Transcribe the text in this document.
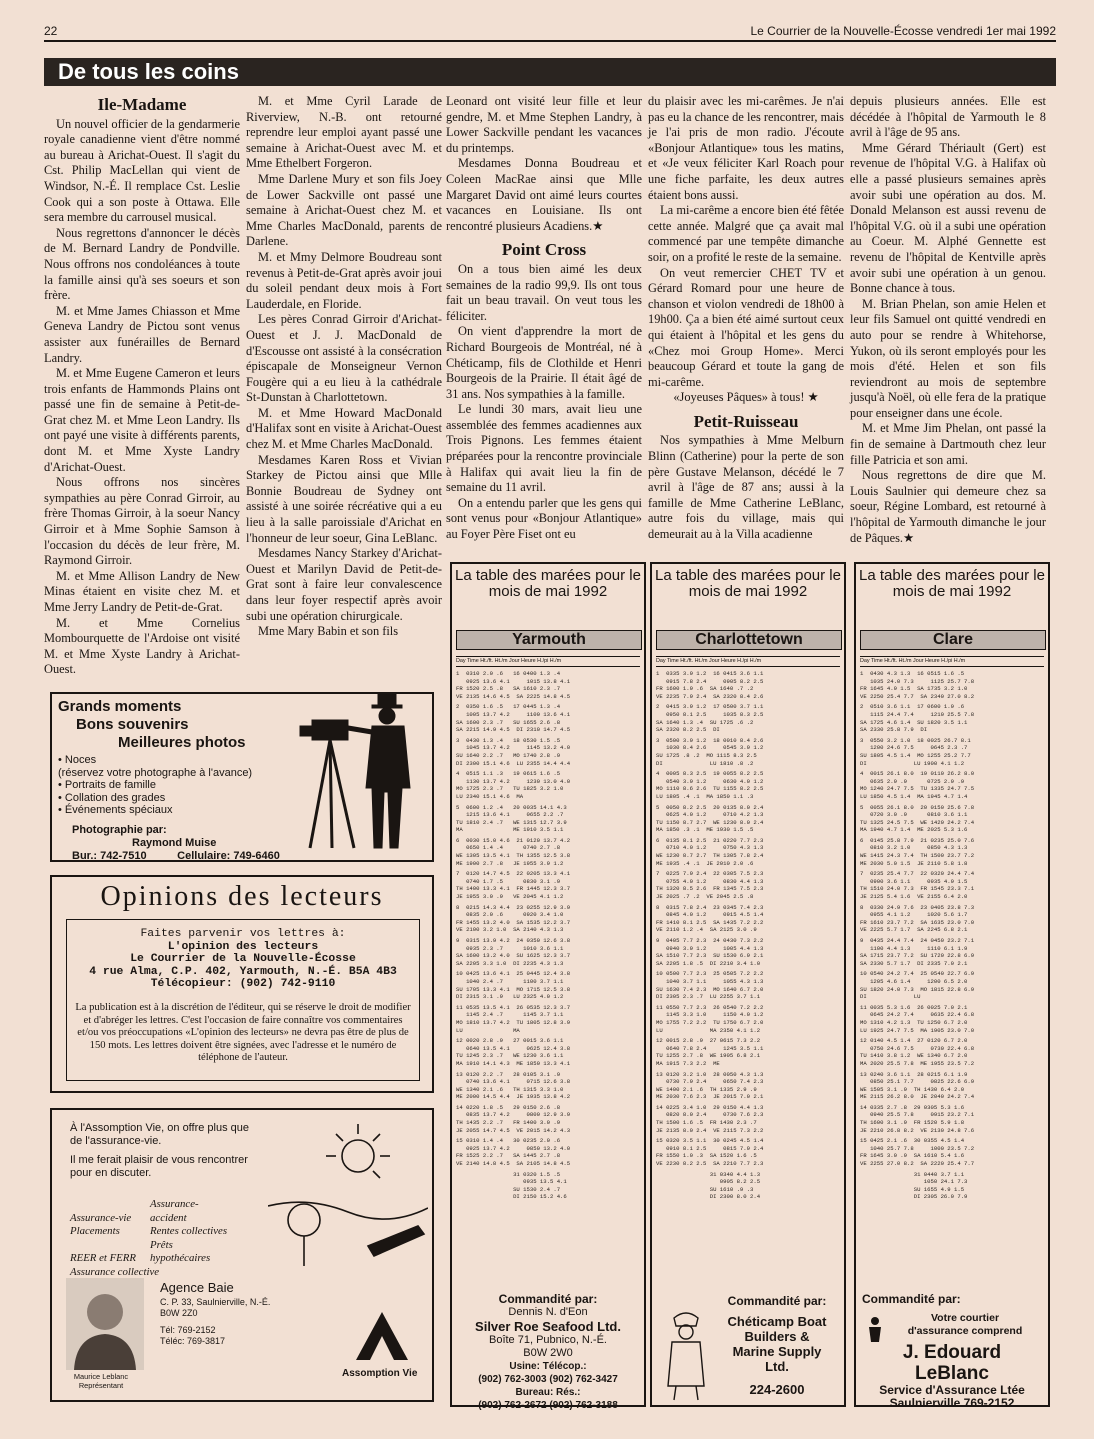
22	Le Courrier de la Nouvelle-Écosse vendredi 1er mai 1992
De tous les coins
Ile-Madame

Un nouvel officier de la gendarmerie royale canadienne vient d'être nommé au bureau à Arichat-Ouest. Il s'agit du Cst. Philip MacLellan qui vient de Windsor, N.-É. Il remplace Cst. Leslie Cook qui a son poste à Ottawa. Elle sera membre du carrousel musical.

Nous regrettons d'annoncer le décès de M. Bernard Landry de Pondville. Nous offrons nos condoléances à toute la famille ainsi qu'à ses soeurs et son frère.

M. et Mme James Chiasson et Mme Geneva Landry de Pictou sont venus assister aux funérailles de Bernard Landry.

M. et Mme Eugene Cameron et leurs trois enfants de Hammonds Plains ont passé une fin de semaine à Petit-de-Grat chez M. et Mme Leon Landry. Ils ont payé une visite à différents parents, dont M. et Mme Xyste Landry d'Arichat-Ouest.

Nous offrons nos sincères sympathies au père Conrad Girroir, au frère Thomas Girroir, à la soeur Nancy Girroir et à Mme Sophie Samson à l'occasion du décès de leur frère, M. Raymond Girroir.

M. et Mme Allison Landry de New Minas étaient en visite chez M. et Mme Jerry Landry de Petit-de-Grat.

M. et Mme Cornelius Mombourquette de l'Ardoise ont visité M. et Mme Xyste Landry à Arichat-Ouest.

M. et Mme Cyril Larade de Riverview, N.-B. ont retourné reprendre leur emploi ayant passé une semaine à Arichat-Ouest avec M. et Mme Ethelbert Forgeron.

Mme Darlene Mury et son fils Joey de Lower Sackville ont passé une semaine à Arichat-Ouest chez M. et Mme Charles MacDonald, parents de Darlene.

M. et Mmy Delmore Boudreau sont revenus à Petit-de-Grat après avoir joui du soleil pendant deux mois à Fort Lauderdale, en Floride.

Les pères Conrad Girroir d'Arichat-Ouest et J. J. MacDonald de d'Escousse ont assisté à la consécration épiscapale de Monseigneur Vernon Fougère qui a eu lieu à la cathédrale St-Dunstan à Charlottetown.

M. et Mme Howard MacDonald d'Halifax sont en visite à Arichat-Ouest chez M. et Mme Charles MacDonald.

Mesdames Karen Ross et Vivian Starkey de Pictou ainsi que Mlle Bonnie Boudreau de Sydney ont assisté à une soirée récréative qui a eu lieu à la salle paroissiale d'Arichat en l'honneur de leur soeur, Gina LeBlanc.

Mesdames Nancy Starkey d'Arichat-Ouest et Marilyn David de Petit-de-Grat sont à faire leur convalescence dans leur foyer respectif après avoir subi une opération chirurgicale.

Mme Mary Babin et son fils

Leonard ont visité leur fille et leur gendre, M. et Mme Stephen Landry, à Lower Sackville pendant les vacances du printemps.

Mesdames Donna Boudreau et Coleen MacRae ainsi que Mlle Margaret David ont aimé leurs courtes vacances en Louisiane. Ils ont rencontré plusieurs Acadiens.★

Point Cross

On a tous bien aimé les deux semaines de la radio 99,9. Ils ont tous fait un beau travail. On veut tous les féliciter.

On vient d'apprendre la mort de Richard Bourgeois de Montréal, né à Chéticamp, fils de Clothilde et Henri Bourgeois de la Prairie. Il était âgé de 31 ans. Nos sympathies à la famille.

Le lundi 30 mars, avait lieu une assemblée des femmes acadiennes aux Trois Pignons. Les femmes étaient préparées pour la rencontre provinciale à Halifax qui avait lieu la fin de semaine du 11 avril.

On a entendu parler que les gens qui sont venus pour «Bonjour Atlantique» au Foyer Père Fiset ont eu

du plaisir avec les mi-carêmes. Je n'ai pas eu la chance de les rencontrer, mais je l'ai pris de mon radio. J'écoute «Bonjour Atlantique» tous les matins, et «Je veux féliciter Karl Roach pour une fiche parfaite, les deux autres étaient bons aussi.

La mi-carême a encore bien été fêtée cette année. Malgré que ça avait mal commencé par une tempête dimanche soir, on a profité le reste de la semaine.

On veut remercier CHET TV et Gérard Romard pour une heure de chanson et violon vendredi de 18h00 à 19h00. Ça a bien été aimé surtout ceux qui étaient à l'hôpital et les gens du «Chez moi Group Home». Merci beaucoup Gérard et toute la gang de mi-carême.

«Joyeuses Pâques» à tous! ★

Petit-Ruisseau

Nos sympathies à Mme Melburn Blinn (Catherine) pour la perte de son père Gustave Melanson, décédé le 7 avril à l'âge de 87 ans; aussi à la famille de Mme Catherine LeBlanc, autre fois du village, mais qui demeurait au à la Villa acadienne

depuis plusieurs années. Elle est décédée à l'hôpital de Yarmouth le 8 avril à l'âge de 95 ans.

Mme Gérard Thériault (Gert) est revenue de l'hôpital V.G. à Halifax où elle a passé plusieurs semaines après avoir subi une opération au dos. M. Donald Melanson est aussi revenu de l'hôpital V.G. où il a subi une opération au Coeur. M. Alphé Gennette est revenu de l'hôpital de Kentville après avoir subi une opération à un genou. Bonne chance à tous.

M. Brian Phelan, son amie Helen et leur fils Samuel ont quitté vendredi en auto pour se rendre à Whitehorse, Yukon, où ils seront employés pour les mois d'été. Helen et son fils reviendront au mois de septembre jusqu'à Noël, où elle fera de la pratique pour enseigner dans une école.

M. et Mme Jim Phelan, ont passé la fin de semaine à Dartmouth chez leur fille Patricia et son ami.

Nous regrettons de dire que M. Louis Saulnier qui demeure chez sa soeur, Régine Lombard, est retourné à l'hôpital de Yarmouth dimanche le jour de Pâques.★

Grands moments
Bons souvenirs
Meilleures photos
• Noces
(réservez votre photographe à l'avance)
• Portraits de famille
• Collation des grades
• Événements spéciaux
Photographie par:
Raymond Muise
Bur.: 742-7510          Cellulaire: 749-6460
Opinions des lecteurs
Faites parvenir vos lettres à:
L'opinion des lecteurs
Le Courrier de la Nouvelle-Écosse
4 rue Alma, C.P. 402, Yarmouth, N.-É. B5A 4B3
Télécopieur: (902) 742-9110
La publication est à la discrétion de l'éditeur, qui se réserve le droit de modifier et d'abréger les lettres. C'est l'occasion de faire connaître vos commentaires et/ou vos préoccupations «L'opinion des lecteurs» ne devra pas être de plus de 150 mots. Les lettres doivent être signées, avec l'adresse et le numéro de téléphone de l'auteur.
À l'Assomption Vie, on offre plus que de l'assurance-vie.
Il me ferait plaisir de vous rencontrer pour en discuter.
Assurance-vieAssurance-accident
Placements	Rentes collectives
REER et FERRPrêts hypothécaires
Assurance collective
Agence Baie
C. P. 33, Saulnierville, N.-É.
B0W 2Z0
Tél: 769-2152
Téléc: 769-3817
Maurice Leblanc
Représentant
Assomption Vie
La table des marées pour le mois de mai 1992
Yarmouth
Day Time Ht./ft. Ht./m Jour Heure H./pi H./m
1  0310 2.0 .6   16 0400 1.3 .4
0925 13.6 4.1     1015 13.8 4.1
FR 1520 2.5 .8   SA 1610 2.3 .7
VE 2135 14.6 4.5  SA 2225 14.8 4.5

2  0350 1.6 .5   17 0445 1.3 .4
1005 13.7 4.2     1100 13.6 4.1
SA 1600 2.3 .7   SU 1655 2.6 .8
SA 2215 14.9 4.5  DI 2310 14.7 4.5

3  0430 1.3 .4   18 0530 1.5 .5
1045 13.7 4.2     1145 13.2 4.0
SU 1640 2.2 .7   MO 1740 2.8 .9
DI 2300 15.1 4.6  LU 2355 14.4 4.4

4  0515 1.1 .3   19 0615 1.6 .5
1130 13.7 4.2     1230 13.0 4.0
MO 1725 2.3 .7   TU 1825 3.2 1.0
LU 2340 15.1 4.6  MA

5  0600 1.2 .4   20 0035 14.1 4.3
1215 13.6 4.1     0655 2.2 .7
TU 1810 2.4 .7   WE 1315 12.7 3.9
MA               ME 1910 3.5 1.1

6  0030 15.0 4.6  21 0120 13.7 4.2
0650 1.4 .4      0740 2.7 .8
WE 1305 13.5 4.1  TH 1355 12.5 3.8
ME 1900 2.7 .8   JE 1955 3.9 1.2

7  0120 14.7 4.5  22 0205 13.3 4.1
0740 1.7 .5      0830 3.1 .9
TH 1400 13.3 4.1  FR 1445 12.3 3.7
JE 1955 3.0 .9   VE 2045 4.1 1.2

8  0215 14.3 4.4  23 0255 12.9 3.9
0835 2.0 .6      0920 3.4 1.0
FR 1455 13.2 4.0  SA 1535 12.2 3.7
VE 2100 3.2 1.0  SA 2140 4.3 1.3

9  0315 13.9 4.2  24 0350 12.6 3.8
0935 2.3 .7      1010 3.6 1.1
SA 1600 13.2 4.0  SU 1625 12.3 3.7
SA 2205 3.3 1.0  DI 2235 4.3 1.3

10 0425 13.6 4.1  25 0445 12.4 3.8
1040 2.4 .7      1100 3.7 1.1
SU 1705 13.3 4.1  MO 1715 12.5 3.8
DI 2315 3.1 .9   LU 2325 4.0 1.2

11 0535 13.5 4.1  26 0535 12.3 3.7
1145 2.4 .7      1145 3.7 1.1
MO 1810 13.7 4.2  TU 1805 12.8 3.9
LU               MA

12 0020 2.8 .9   27 0015 3.6 1.1
0640 13.5 4.1     0625 12.4 3.8
TU 1245 2.3 .7   WE 1230 3.6 1.1
MA 1910 14.1 4.3  ME 1850 13.3 4.1

13 0120 2.2 .7   28 0105 3.1 .9
0740 13.6 4.1     0715 12.6 3.8
WE 1340 2.1 .6   TH 1315 3.3 1.0
ME 2000 14.5 4.4  JE 1935 13.8 4.2

14 0220 1.8 .5   29 0150 2.6 .8
0835 13.7 4.2     0800 12.9 3.9
TH 1435 2.2 .7   FR 1400 3.0 .9
JE 2055 14.7 4.5  VE 2015 14.2 4.3

15 0310 1.4 .4   30 0235 2.0 .6
0925 13.7 4.2     0850 13.2 4.0
FR 1525 2.2 .7   SA 1445 2.7 .8
VE 2140 14.8 4.5  SA 2105 14.8 4.5

31 0320 1.5 .5
0935 13.5 4.1
SU 1530 2.4 .7
DI 2150 15.2 4.6
Commandité par:
Dennis N. d'Eon
Silver Roe Seafood Ltd.
Boîte 71, Pubnico, N.-É.
B0W 2W0
Usine: Télécop.:
(902) 762-3003 (902) 762-3427
Bureau: Rés.:
(902) 762-2672 (902) 762-3188
La table des marées pour le mois de mai 1992
Charlottetown
Day Time Ht./ft. Ht./m Jour Heure H./pi H./m
1  0335 3.9 1.2  16 0415 3.6 1.1
0915 7.8 2.4     0905 8.2 2.5
FR 1600 1.9 .6  SA 1640 .7 .2
VE 2235 7.9 2.4  SA 2320 8.4 2.6

2  0415 3.9 1.2  17 0500 3.7 1.1
0950 8.1 2.5     1035 8.3 2.5
SA 1640 1.3 .4  SU 1725 .6 .2
SA 2320 8.2 2.5  DI

3  0500 3.9 1.2  18 0010 8.4 2.6
1030 8.4 2.6     0545 3.9 1.2
SU 1725 .8 .2  MO 1115 8.3 2.5
DI              LU 1810 .8 .2

4  0005 8.3 2.5  19 0055 8.2 2.5
0540 3.9 1.2     0630 4.0 1.2
MO 1110 8.6 2.6  TU 1155 8.2 2.5
LU 1805 .4 .1  MA 1850 1.1 .3

5  0050 8.2 2.5  20 0135 8.0 2.4
0625 4.0 1.2     0710 4.2 1.3
TU 1150 8.7 2.7  WE 1230 8.0 2.4
MA 1850 .3 .1  ME 1930 1.5 .5

6  0135 8.1 2.5  21 0220 7.7 2.3
0710 4.0 1.2     0750 4.3 1.3
WE 1230 8.7 2.7  TH 1305 7.8 2.4
ME 1935 .4 .1  JE 2010 2.0 .6

7  0225 7.9 2.4  22 0305 7.5 2.3
0755 4.0 1.2     0830 4.4 1.3
TH 1320 8.5 2.6  FR 1345 7.5 2.3
JE 2025 .7 .2  VE 2045 2.5 .8

8  0315 7.8 2.4  23 0345 7.4 2.3
0845 4.0 1.2     0915 4.5 1.4
FR 1410 8.1 2.5  SA 1435 7.2 2.2
VE 2110 1.2 .4  SA 2125 3.0 .9

9  0405 7.7 2.3  24 0430 7.3 2.2
0940 3.9 1.2     1005 4.4 1.3
SA 1510 7.7 2.3  SU 1530 6.9 2.1
SA 2205 1.8 .5  DI 2210 3.4 1.0

10 0500 7.7 2.3  25 0505 7.2 2.2
1040 3.7 1.1     1055 4.3 1.3
SU 1630 7.4 2.3  MO 1640 6.7 2.0
DI 2305 2.3 .7  LU 2255 3.7 1.1

11 0550 7.7 2.3  26 0540 7.2 2.2
1145 3.3 1.0     1150 4.0 1.2
MO 1755 7.2 2.2  TU 1750 6.7 2.0
LU              MA 2350 4.1 1.2

12 0015 2.8 .9  27 0615 7.3 2.2
0640 7.8 2.4     1245 3.5 1.1
TU 1255 2.7 .8  WE 1905 6.8 2.1
MA 1915 7.3 2.2  ME

13 0120 3.2 1.0  28 0050 4.3 1.3
0730 7.9 2.4     0650 7.4 2.3
WE 1400 2.1 .6  TH 1335 2.9 .9
ME 2030 7.6 2.3  JE 2015 7.0 2.1

14 0225 3.4 1.0  29 0150 4.4 1.3
0820 8.0 2.4     0730 7.6 2.3
TH 1500 1.6 .5  FR 1430 2.3 .7
JE 2135 8.0 2.4  VE 2115 7.3 2.2

15 0320 3.5 1.1  30 0245 4.5 1.4
0910 8.1 2.5     0815 7.9 2.4
FR 1550 1.0 .3  SA 1520 1.6 .5
VE 2230 8.2 2.5  SA 2210 7.7 2.3

31 0340 4.4 1.3
0905 8.2 2.5
SU 1610 .9 .3
DI 2300 8.0 2.4
Commandité par:
Chéticamp Boat
Builders &
Marine Supply
Ltd.
224-2600
La table des marées pour le mois de mai 1992
Clare
Day Time Ht./ft. Ht./m Jour Heure H./pi H./m
1  0430 4.3 1.3  16 0515 1.6 .5
1035 24.0 7.3     1125 25.7 7.8
FR 1645 4.9 1.5  SA 1735 3.2 1.0
VE 2250 25.4 7.7  SA 2340 27.0 8.2

2  0510 3.6 1.1  17 0600 1.9 .6
1115 24.4 7.4     1210 25.5 7.8
SA 1725 4.6 1.4  SU 1820 3.5 1.1
SA 2330 25.8 7.9  DI

3  0550 3.2 1.0  18 0025 26.7 8.1
1200 24.6 7.5     0645 2.3 .7
SU 1805 4.5 1.4  MO 1255 25.2 7.7
DI              LU 1900 4.1 1.2

4  0015 26.1 8.0  19 0110 26.2 8.0
0635 2.9 .9      0725 2.9 .9
MO 1240 24.7 7.5  TU 1335 24.7 7.5
LU 1850 4.5 1.4  MA 1945 4.7 1.4

5  0055 26.1 8.0  20 0150 25.6 7.8
0720 3.0 .9      0810 3.6 1.1
TU 1325 24.5 7.5  WE 1420 24.2 7.4
MA 1940 4.7 1.4  ME 2025 5.3 1.6

6  0145 25.8 7.9  21 0235 25.0 7.6
0810 3.2 1.0     0850 4.3 1.3
WE 1415 24.3 7.4  TH 1500 23.7 7.2
ME 2030 5.0 1.5  JE 2110 5.8 1.8

7  0235 25.4 7.7  22 0320 24.4 7.4
0900 3.6 1.1     0935 4.9 1.5
TH 1510 24.0 7.3  FR 1545 23.3 7.1
JE 2125 5.4 1.6  VE 2155 6.4 2.0

8  0330 24.9 7.6  23 0405 23.8 7.3
0955 4.1 1.2     1020 5.6 1.7
FR 1610 23.7 7.2  SA 1635 23.0 7.0
VE 2225 5.7 1.7  SA 2245 6.8 2.1

9  0435 24.4 7.4  24 0450 23.2 7.1
1100 4.4 1.3     1110 6.1 1.9
SA 1715 23.7 7.2  SU 1720 22.8 6.9
SA 2330 5.7 1.7  DI 2335 7.0 2.1

10 0540 24.2 7.4  25 0540 22.7 6.9
1205 4.6 1.4     1200 6.5 2.0
SU 1820 24.0 7.3  MO 1815 22.8 6.9
DI              LU

11 0035 5.3 1.6  26 0025 7.0 2.1
0645 24.2 7.4     0635 22.4 6.8
MO 1310 4.2 1.3  TU 1250 6.7 2.0
LU 1925 24.7 7.5  MA 1905 23.0 7.0

12 0140 4.5 1.4  27 0120 6.7 2.0
0750 24.6 7.5     0730 22.4 6.8
TU 1410 3.8 1.2  WE 1340 6.7 2.0
MA 2020 25.5 7.8  ME 1955 23.5 7.2

13 0240 3.6 1.1  28 0215 6.1 1.9
0850 25.1 7.7     0825 22.6 6.9
WE 1505 3.1 .9  TH 1430 6.4 2.0
ME 2115 26.2 8.0  JE 2040 24.2 7.4

14 0335 2.7 .8  29 0305 5.3 1.6
0940 25.5 7.8     0915 23.2 7.1
TH 1600 3.1 .9  FR 1520 5.9 1.8
JE 2210 26.8 8.2  VE 2130 24.8 7.6

15 0425 2.1 .6  30 0355 4.5 1.4
1040 25.7 7.8     1000 23.5 7.2
FR 1645 3.0 .9  SA 1610 5.4 1.6
VE 2255 27.0 8.2  SA 2220 25.4 7.7

31 0440 3.7 1.1
1050 24.1 7.3
SU 1655 4.9 1.5
DI 2305 26.0 7.9
Commandité par:
Votre courtier
d'assurance comprend
J. Edouard
LeBlanc
Service d'Assurance Ltée
Saulnierville 769-2152
